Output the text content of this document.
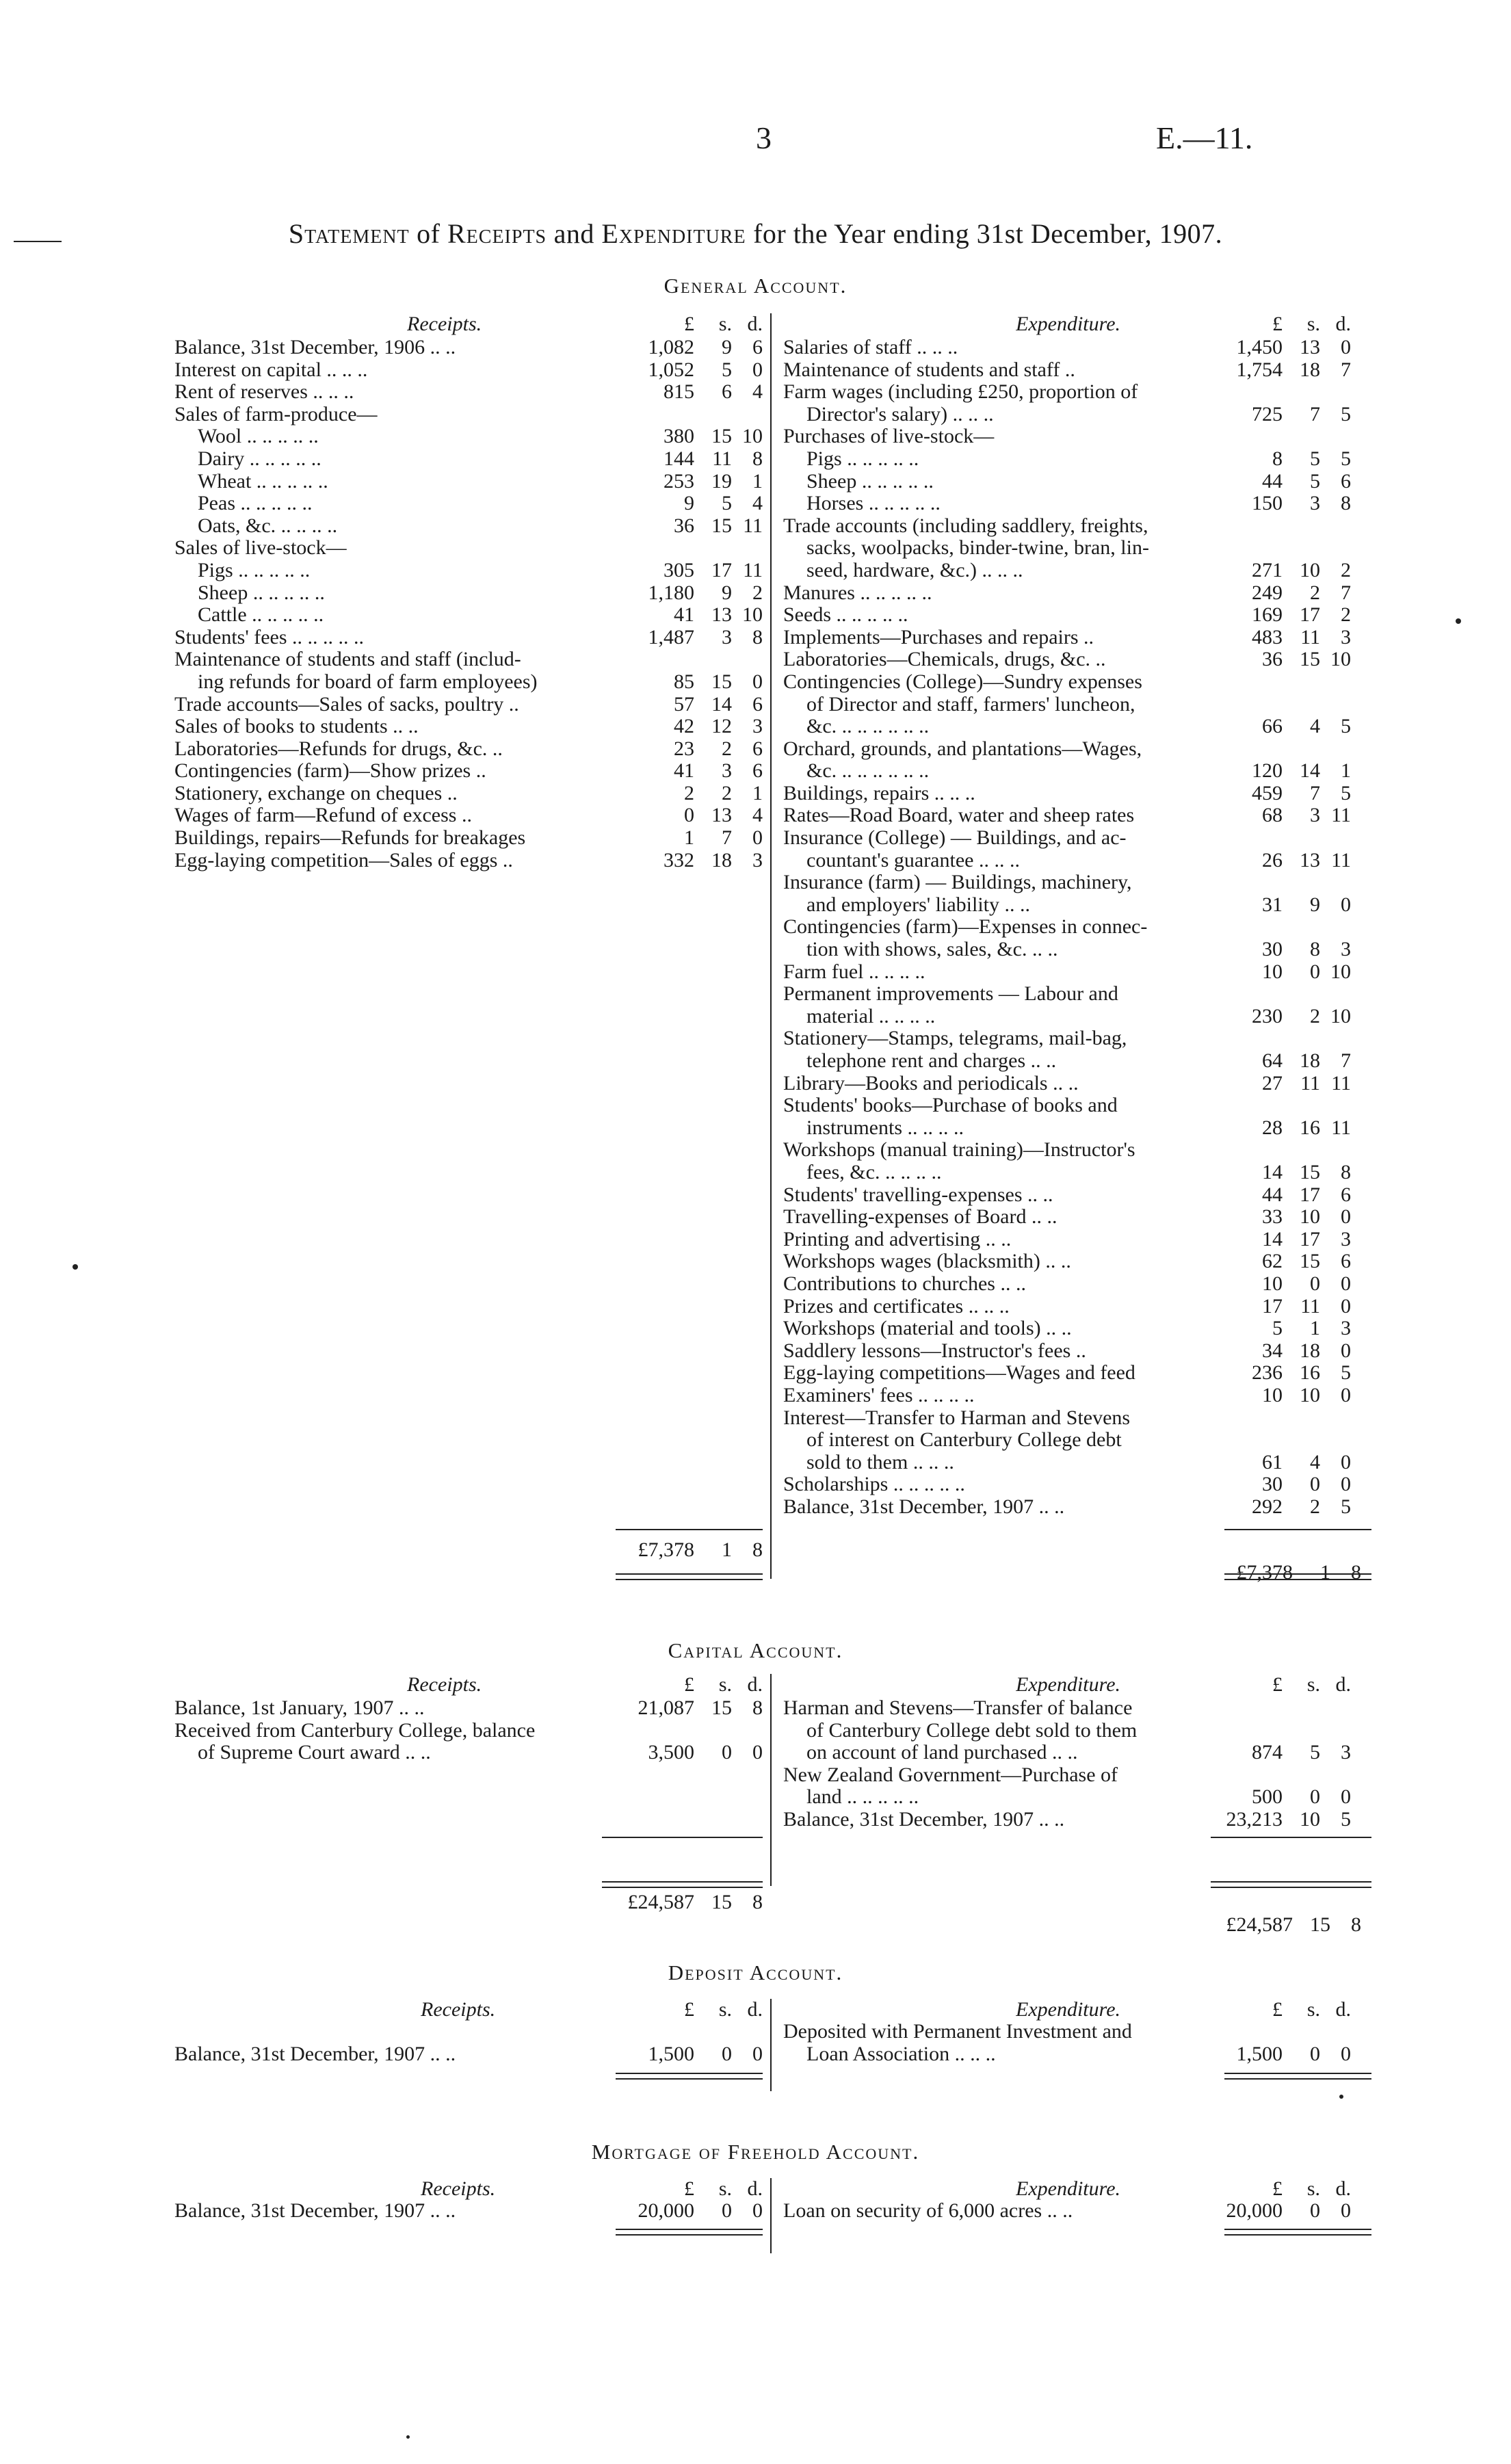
3	E.—11.
Statement of Receipts and Expenditure for the Year ending 31st December, 1907.
General Account.
Receipts.	£	s. d.
Balance, 31st December, 1906 .. ..	1,082	9	6
Interest on capital .. .. ..	1,052	5	0
Rent of reserves .. .. ..	815	6	4
Sales of farm-produce—
Wool .. .. .. .. ..	380 15 10
Dairy .. .. .. .. ..	144 11	8
Wheat .. .. .. .. ..	253 19	1
Peas .. .. .. .. ..	9	5	4
Oats, &c. .. .. .. ..	36 15 11
Sales of live-stock—
Pigs .. .. .. .. ..	305 17 11
Sheep .. .. .. .. ..	1,180	9	2
Cattle .. .. .. .. ..	41 13 10
Students' fees .. .. .. .. ..	1,487	3	8
Maintenance of students and staff (includ-
ing refunds for board of farm employees)	85 15	0
Trade accounts—Sales of sacks, poultry ..	57 14	6
Sales of books to students .. ..	42 12	3
Laboratories—Refunds for drugs, &c. ..	23	2	6
Contingencies (farm)—Show prizes ..	41	3	6
Stationery, exchange on cheques ..	2	2	1
Wages of farm—Refund of excess ..	0 13	4
Buildings, repairs—Refunds for breakages	1	7	0
Egg-laying competition—Sales of eggs ..	332 18	3
Expenditure.	£	s. d.
Salaries of staff .. .. ..	1,450 13	0
Maintenance of students and staff ..	1,754 18	7
Farm wages (including £250, proportion of
Director's salary) .. .. ..	725	7	5
Purchases of live-stock—
Pigs .. .. .. .. ..	8	5	5
Sheep .. .. .. .. ..	44	5	6
Horses .. .. .. .. ..	150	3	8
Trade accounts (including saddlery, freights,
sacks, woolpacks, binder-twine, bran, lin-
seed, hardware, &c.) .. .. ..	271 10	2
Manures .. .. .. .. ..	249	2	7
Seeds .. .. .. .. ..	169 17	2
Implements—Purchases and repairs ..	483 11	3
Laboratories—Chemicals, drugs, &c. ..	36 15 10
Contingencies (College)—Sundry expenses
of Director and staff, farmers' luncheon,
&c. .. .. .. .. .. ..	66	4	5
Orchard, grounds, and plantations—Wages,
&c. .. .. .. .. .. ..	120 14	1
Buildings, repairs .. .. ..	459	7	5
Rates—Road Board, water and sheep rates	68	3 11
Insurance (College) — Buildings, and ac-
countant's guarantee .. .. ..	26 13 11
Insurance (farm) — Buildings, machinery,
and employers' liability .. ..	31	9	0
Contingencies (farm)—Expenses in connec-
tion with shows, sales, &c. .. ..	30	8	3
Farm fuel .. .. .. ..	10	0 10
Permanent improvements — Labour and
material .. .. .. ..	230	2 10
Stationery—Stamps, telegrams, mail-bag,
telephone rent and charges .. ..	64 18	7
Library—Books and periodicals .. ..	27 11 11
Students' books—Purchase of books and
instruments .. .. .. ..	28 16 11
Workshops (manual training)—Instructor's
fees, &c. .. .. .. ..	14 15	8
Students' travelling-expenses .. ..	44 17	6
Travelling-expenses of Board .. ..	33 10	0
Printing and advertising .. ..	14 17	3
Workshops wages (blacksmith) .. ..	62 15	6
Contributions to churches .. ..	10	0	0
Prizes and certificates .. .. ..	17 11	0
Workshops (material and tools) .. ..	5	1	3
Saddlery lessons—Instructor's fees ..	34 18	0
Egg-laying competitions—Wages and feed	236 16	5
Examiners' fees .. .. .. ..	10 10	0
Interest—Transfer to Harman and Stevens
of interest on Canterbury College debt
sold to them .. .. ..	61	4	0
Scholarships .. .. .. .. ..	30	0	0
Balance, 31st December, 1907 .. ..	292	2	5
£7,378	1	8
£7,378	1	8
Capital Account.
Receipts.	£	s. d.
Balance, 1st January, 1907 .. ..	21,087 15	8
Received from Canterbury College, balance
of Supreme Court award .. ..	3,500	0	0
Expenditure.	£	s. d.
Harman and Stevens—Transfer of balance
of Canterbury College debt sold to them
on account of land purchased .. ..	874	5	3
New Zealand Government—Purchase of
land .. .. .. .. ..	500	0	0
Balance, 31st December, 1907 .. ..	23,213 10	5
£24,587 15	8
£24,587 15	8
Deposit Account.
Receipts.	£	s. d.
Balance, 31st December, 1907 .. ..	1,500	0	0
Expenditure.	£	s. d.
Deposited with Permanent Investment and
Loan Association .. .. ..	1,500	0	0
Mortgage of Freehold Account.
Receipts.	£	s. d.
Balance, 31st December, 1907 .. ..	20,000	0	0
Expenditure.	£	s. d.
Loan on security of 6,000 acres .. ..	20,000	0	0
